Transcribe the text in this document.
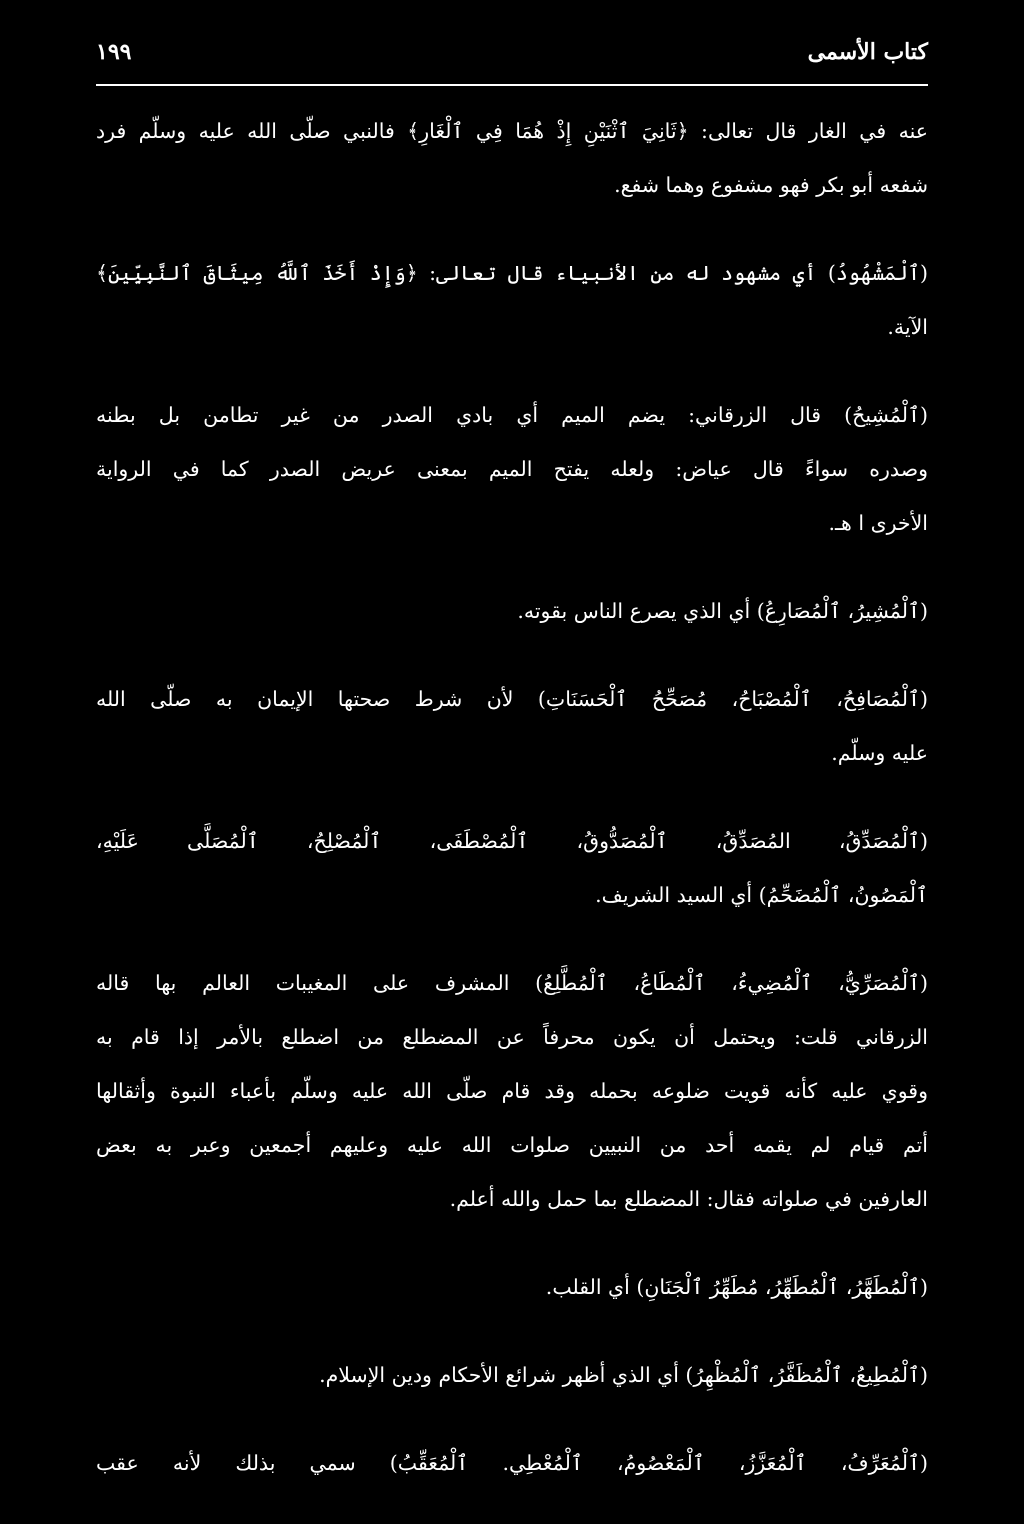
كتاب الأسمى
١٩٩
عنه في الغار قال تعالى: ﴿ثَانِيَ ٱثْنَيْنِ إِذْ هُمَا فِي ٱلْغَارِ﴾ فالنبي صلّى الله عليه وسلّم فرد
شفعه أبو بكر فهو مشفوع وهما شفع.
(ٱلْمَشْهُودُ) أي مشهود له من الأنبياء قال تعالى: ﴿وَإِذْ أَخَذَ ٱللَّهُ مِيثَاقَ ٱلنَّبِيِّينَ﴾
الآية.
(ٱلْمُشِيحُ) قال الزرقاني: يضم الميم أي بادي الصدر من غير تطامن بل بطنه
وصدره سواءً قال عياض: ولعله يفتح الميم بمعنى عريض الصدر كما في الرواية
الأخرى ا هـ.
(ٱلْمُشِيرُ، ٱلْمُصَارِعُ) أي الذي يصرع الناس بقوته.
(ٱلْمُصَافِحُ، ٱلْمُصْبَاحُ، مُصَحِّحُ ٱلْحَسَنَاتِ) لأن شرط صحتها الإيمان به صلّى الله
عليه وسلّم.
(ٱلْمُصَدِّقُ، المُصَدِّقُ، ٱلْمُصَدُّوقُ، ٱلْمُصْطَفَى، ٱلْمُصْلِحُ، ٱلْمُصَلَّى عَلَيْهِ،
ٱلْمَصُونُ، ٱلْمُضَحِّمُ) أي السيد الشريف.
(ٱلْمُصَرِّيُّ، ٱلْمُضِيءُ، ٱلْمُطَاعُ، ٱلْمُطَّلِعُ) المشرف على المغيبات العالم بها قاله
الزرقاني قلت: ويحتمل أن يكون محرفاً عن المضطلع من اضطلع بالأمر إذا قام به
وقوي عليه كأنه قويت ضلوعه بحمله وقد قام صلّى الله عليه وسلّم بأعباء النبوة وأثقالها
أتم قيام لم يقمه أحد من النبيين صلوات الله عليه وعليهم أجمعين وعبر به بعض
العارفين في صلواته فقال: المضطلع بما حمل والله أعلم.
(ٱلْمُطَهَّرُ، ٱلْمُطَهِّرُ، مُطَهِّرُ ٱلْجَنَانِ) أي القلب.
(ٱلْمُطِيعُ، ٱلْمُظَفَّرُ، ٱلْمُظْهِرُ) أي الذي أظهر شرائع الأحكام ودين الإسلام.
(ٱلْمُعَرِّفُ، ٱلْمُعَزَّزُ، ٱلْمَعْصُومُ، ٱلْمُعْطِي. ٱلْمُعَقِّبُ) سمي بذلك لأنه عقب
